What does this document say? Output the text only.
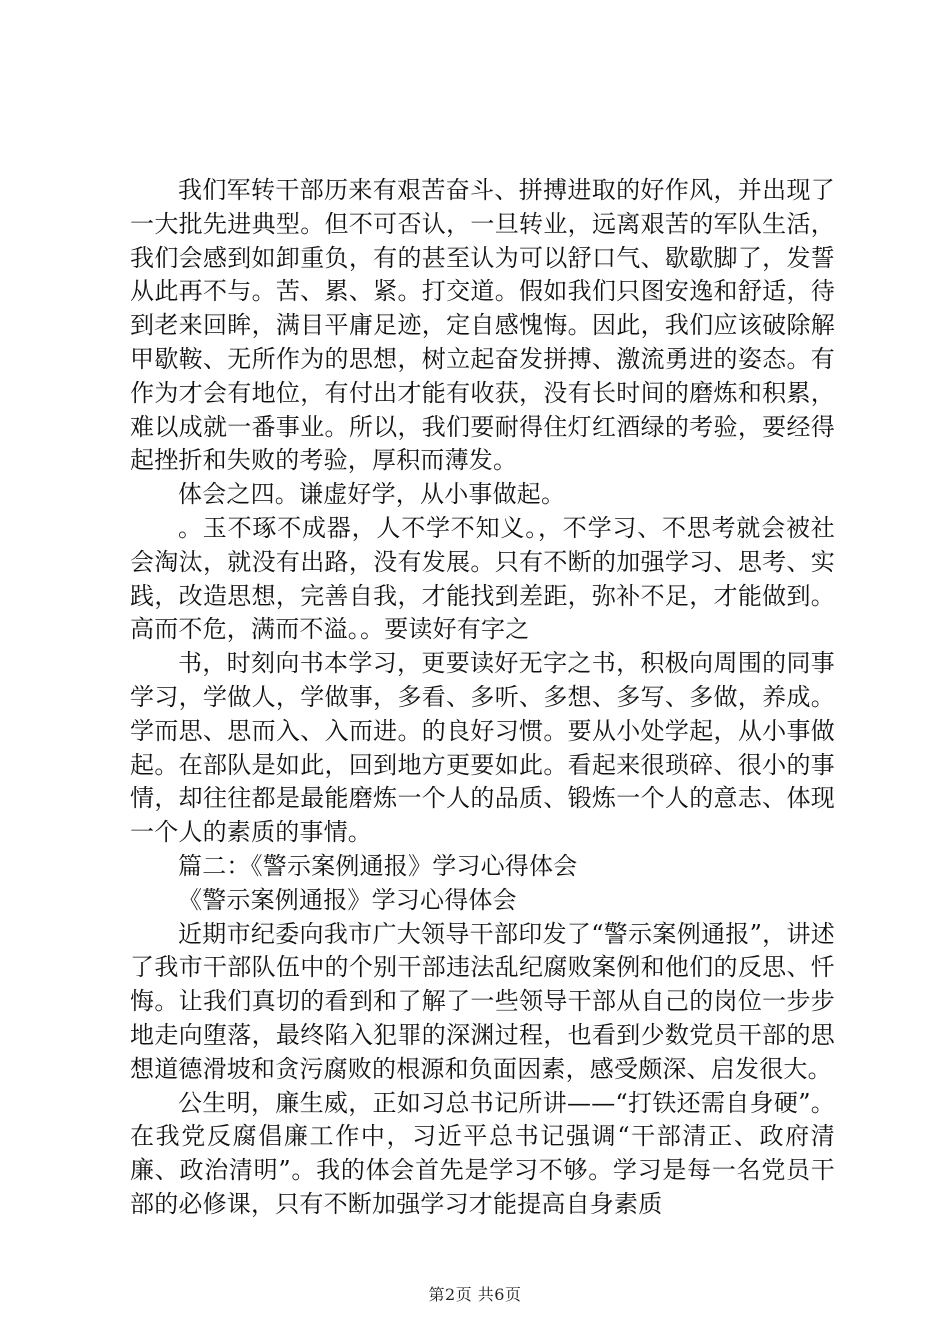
我们军转干部历来有艰苦奋斗、拼搏进取的好作风，并出现了一大批先进典型。但不可否认，一旦转业，远离艰苦的军队生活，我们会感到如卸重负，有的甚至认为可以舒口气、歇歇脚了，发誓从此再不与。苦、累、紧。打交道。假如我们只图安逸和舒适，待到老来回眸，满目平庸足迹，定自感愧悔。因此，我们应该破除解甲歇鞍、无所作为的思想，树立起奋发拼搏、激流勇进的姿态。有作为才会有地位，有付出才能有收获，没有长时间的磨炼和积累，难以成就一番事业。所以，我们要耐得住灯红酒绿的考验，要经得起挫折和失败的考验，厚积而薄发。

体会之四。谦虚好学，从小事做起。

。玉不琢不成器，人不学不知义。，不学习、不思考就会被社会淘汰，就没有出路，没有发展。只有不断的加强学习、思考、实践，改造思想，完善自我，才能找到差距，弥补不足，才能做到。高而不危，满而不溢。。要读好有字之

书，时刻向书本学习，更要读好无字之书，积极向周围的同事学习，学做人，学做事，多看、多听、多想、多写、多做，养成。学而思、思而入、入而进。的良好习惯。要从小处学起，从小事做起。在部队是如此，回到地方更要如此。看起来很琐碎、很小的事情，却往往都是最能磨炼一个人的品质、锻炼一个人的意志、体现一个人的素质的事情。

篇二：《警示案例通报》学习心得体会

《警示案例通报》学习心得体会

近期市纪委向我市广大领导干部印发了“警示案例通报”，讲述了我市干部队伍中的个别干部违法乱纪腐败案例和他们的反思、忏悔。让我们真切的看到和了解了一些领导干部从自己的岗位一步步地走向堕落，最终陷入犯罪的深渊过程，也看到少数党员干部的思想道德滑坡和贪污腐败的根源和负面因素，感受颇深、启发很大。

公生明，廉生威，正如习总书记所讲——“打铁还需自身硬”。在我党反腐倡廉工作中，习近平总书记强调“干部清正、政府清廉、政治清明”。我的体会首先是学习不够。学习是每一名党员干部的必修课，只有不断加强学习才能提高自身素质

第2页 共6页
